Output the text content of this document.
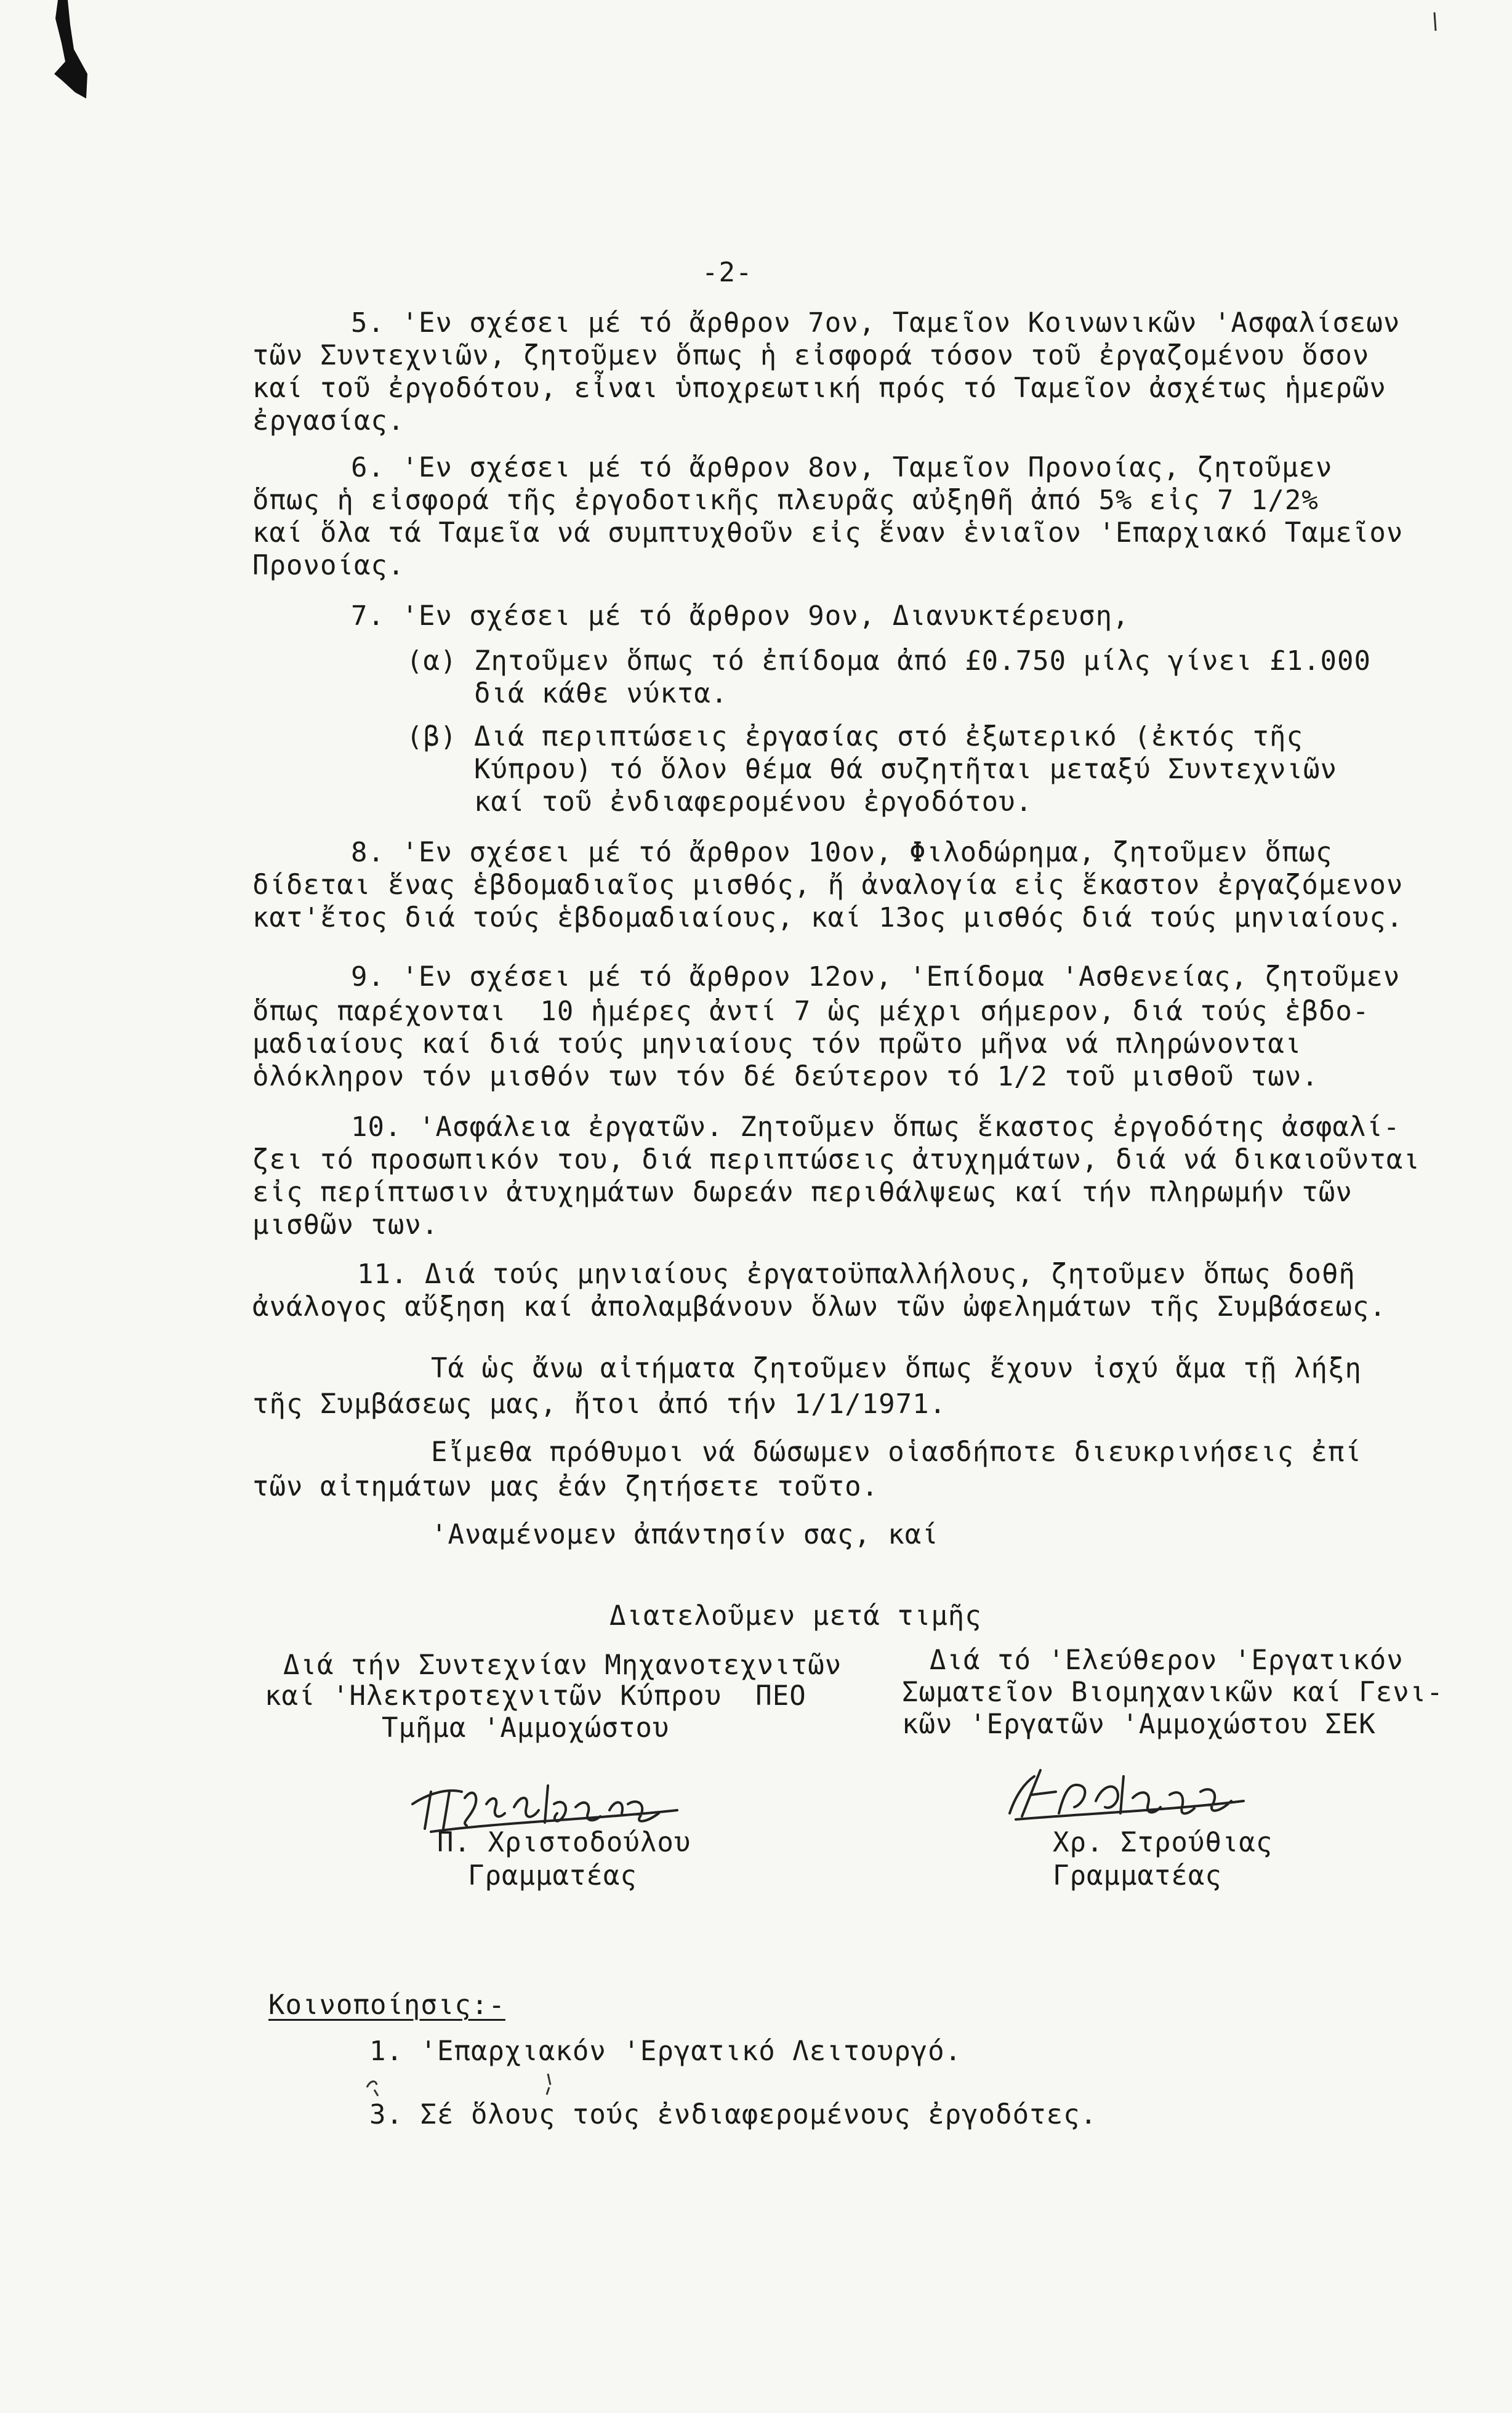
-2-
5. 'Εν σχέσει μέ τό ἄρθρον 7ον, Ταμεῖον Κοινωνικῶν 'Ασφαλίσεων
τῶν Συντεχνιῶν, ζητοῦμεν ὅπως ἡ εἰσφορά τόσον τοῦ ἐργαζομένου ὅσον
καί τοῦ ἐργοδότου, εἶναι ὑποχρεωτική πρός τό Ταμεῖον ἀσχέτως ἡμερῶν
ἐργασίας.
6. 'Εν σχέσει μέ τό ἄρθρον 8ον, Ταμεῖον Προνοίας, ζητοῦμεν
ὅπως ἡ εἰσφορά τῆς ἐργοδοτικῆς πλευρᾶς αὐξηθῆ ἀπό 5% εἰς 7 1/2%
καί ὅλα τά Ταμεῖα νά συμπτυχθοῦν εἰς ἕναν ἑνιαῖον 'Επαρχιακό Ταμεῖον
Προνοίας.
7. 'Εν σχέσει μέ τό ἄρθρον 9ον, Διανυκτέρευση,
(α) Ζητοῦμεν ὅπως τό ἐπίδομα ἀπό £0.750 μίλς γίνει £1.000
διά κάθε νύκτα.
(β) Διά περιπτώσεις ἐργασίας στό ἐξωτερικό (ἐκτός τῆς
Κύπρου) τό ὅλον θέμα θά συζητῆται μεταξύ Συντεχνιῶν
καί τοῦ ἐνδιαφερομένου ἐργοδότου.
8. 'Εν σχέσει μέ τό ἄρθρον 10ον, Φιλοδώρημα, ζητοῦμεν ὅπως
δίδεται ἕνας ἑβδομαδιαῖος μισθός, ἤ ἀναλογία εἰς ἕκαστον ἐργαζόμενον
κατ'ἔτος διά τούς ἑβδομαδιαίους, καί 13ος μισθός διά τούς μηνιαίους.
9. 'Εν σχέσει μέ τό ἄρθρον 12ον, 'Επίδομα 'Ασθενείας, ζητοῦμεν
ὅπως παρέχονται  10 ἡμέρες ἀντί 7 ὡς μέχρι σήμερον, διά τούς ἑβδο-
μαδιαίους καί διά τούς μηνιαίους τόν πρῶτο μῆνα νά πληρώνονται
ὁλόκληρον τόν μισθόν των τόν δέ δεύτερον τό 1/2 τοῦ μισθοῦ των.
10. 'Ασφάλεια ἐργατῶν. Ζητοῦμεν ὅπως ἕκαστος ἐργοδότης ἀσφαλί-
ζει τό προσωπικόν του, διά περιπτώσεις ἀτυχημάτων, διά νά δικαιοῦνται
εἰς περίπτωσιν ἀτυχημάτων δωρεάν περιθάλψεως καί τήν πληρωμήν τῶν
μισθῶν των.
11. Διά τούς μηνιαίους ἐργατοϋπαλλήλους, ζητοῦμεν ὅπως δοθῆ
ἀνάλογος αὔξηση καί ἀπολαμβάνουν ὅλων τῶν ὠφελημάτων τῆς Συμβάσεως.
Τά ὡς ἄνω αἰτήματα ζητοῦμεν ὅπως ἔχουν ἰσχύ ἅμα τῇ λήξη
τῆς Συμβάσεως μας, ἤτοι ἀπό τήν 1/1/1971.
Εἴμεθα πρόθυμοι νά δώσωμεν οἱασδήποτε διευκρινήσεις ἐπί
τῶν αἰτημάτων μας ἐάν ζητήσετε τοῦτο.
'Αναμένομεν ἀπάντησίν σας, καί
Διατελοῦμεν μετά τιμῆς
Διά τήν Συντεχνίαν Μηχανοτεχνιτῶν
καί 'Ηλεκτροτεχνιτῶν Κύπρου  ΠΕΟ
Τμῆμα 'Αμμοχώστου
Διά τό 'Ελεύθερον 'Εργατικόν
Σωματεῖον Βιομηχανικῶν καί Γενι-
κῶν 'Εργατῶν 'Αμμοχώστου ΣΕΚ
Π. Χριστοδούλου
Γραμματέας
Χρ. Στρούθιας
Γραμματέας
Κοινοποίησις:-
1. 'Επαρχιακόν 'Εργατικό Λειτουργό.
3. Σέ ὅλους τούς ἐνδιαφερομένους ἐργοδότες.
